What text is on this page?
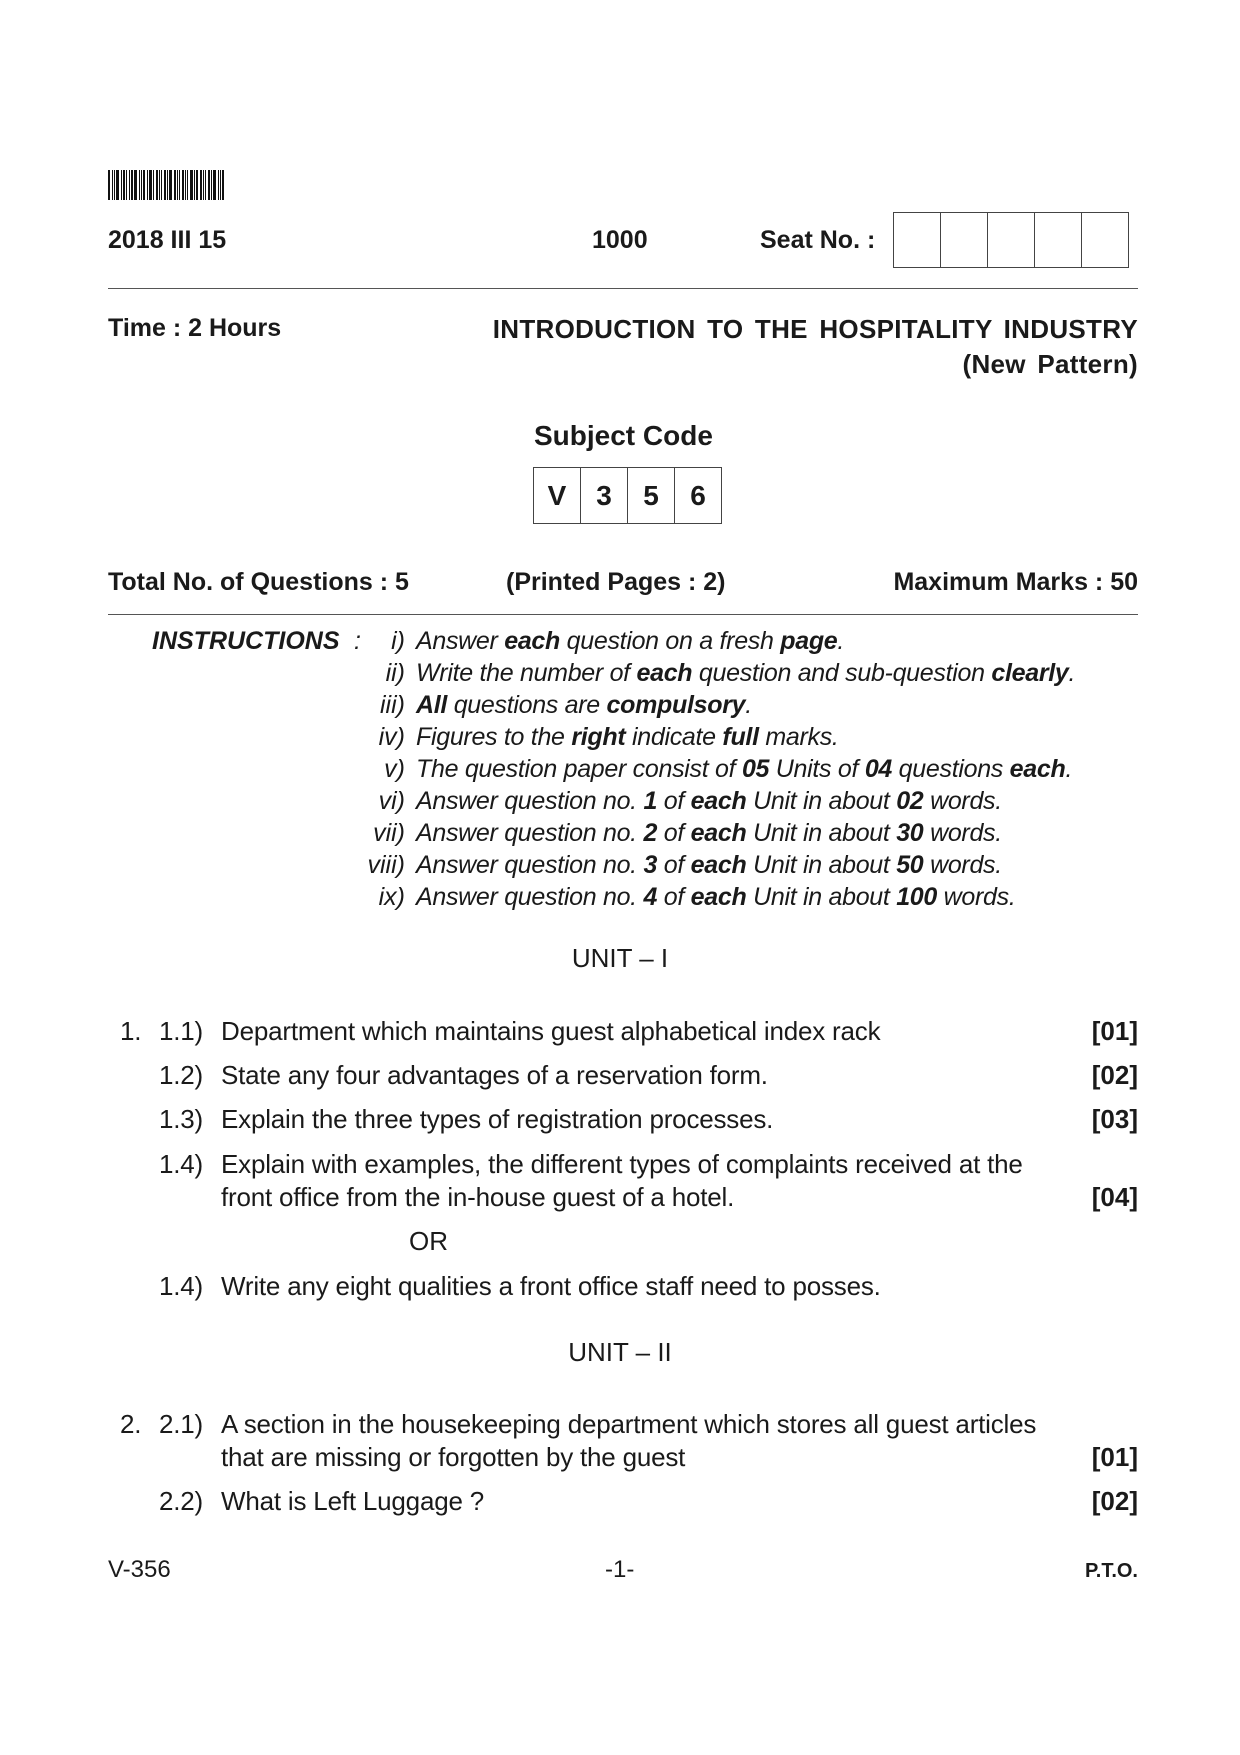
2018 III 15	1000	Seat No. :
Time : 2 Hours	INTRODUCTION TO THE HOSPITALITY INDUSTRY
(New Pattern)
Subject Code
V	3	5	6
Total No. of Questions : 5	(Printed Pages : 2)	Maximum Marks : 50
INSTRUCTIONS :	i) Answer each question on a fresh page.
ii) Write the number of each question and sub-question clearly.
iii) All questions are compulsory.
iv) Figures to the right indicate full marks.
v) The question paper consist of 05 Units of 04 questions each.
vi) Answer question no. 1 of each Unit in about 02 words.
vii) Answer question no. 2 of each Unit in about 30 words.
viii) Answer question no. 3 of each Unit in about 50 words.
ix) Answer question no. 4 of each Unit in about 100 words.
UNIT – I
1. 1.1) Department which maintains guest alphabetical index rack	[01]
1.2) State any four advantages of a reservation form.	[02]
1.3) Explain the three types of registration processes.	[03]
1.4) Explain with examples, the different types of complaints received at the
front office from the in-house guest of a hotel.	[04]
OR
1.4) Write any eight qualities a front office staff need to posses.
UNIT – II
2. 2.1) A section in the housekeeping department which stores all guest articles
that are missing or forgotten by the guest	[01]
2.2) What is Left Luggage ?	[02]
V-356	-1-	P.T.O.
